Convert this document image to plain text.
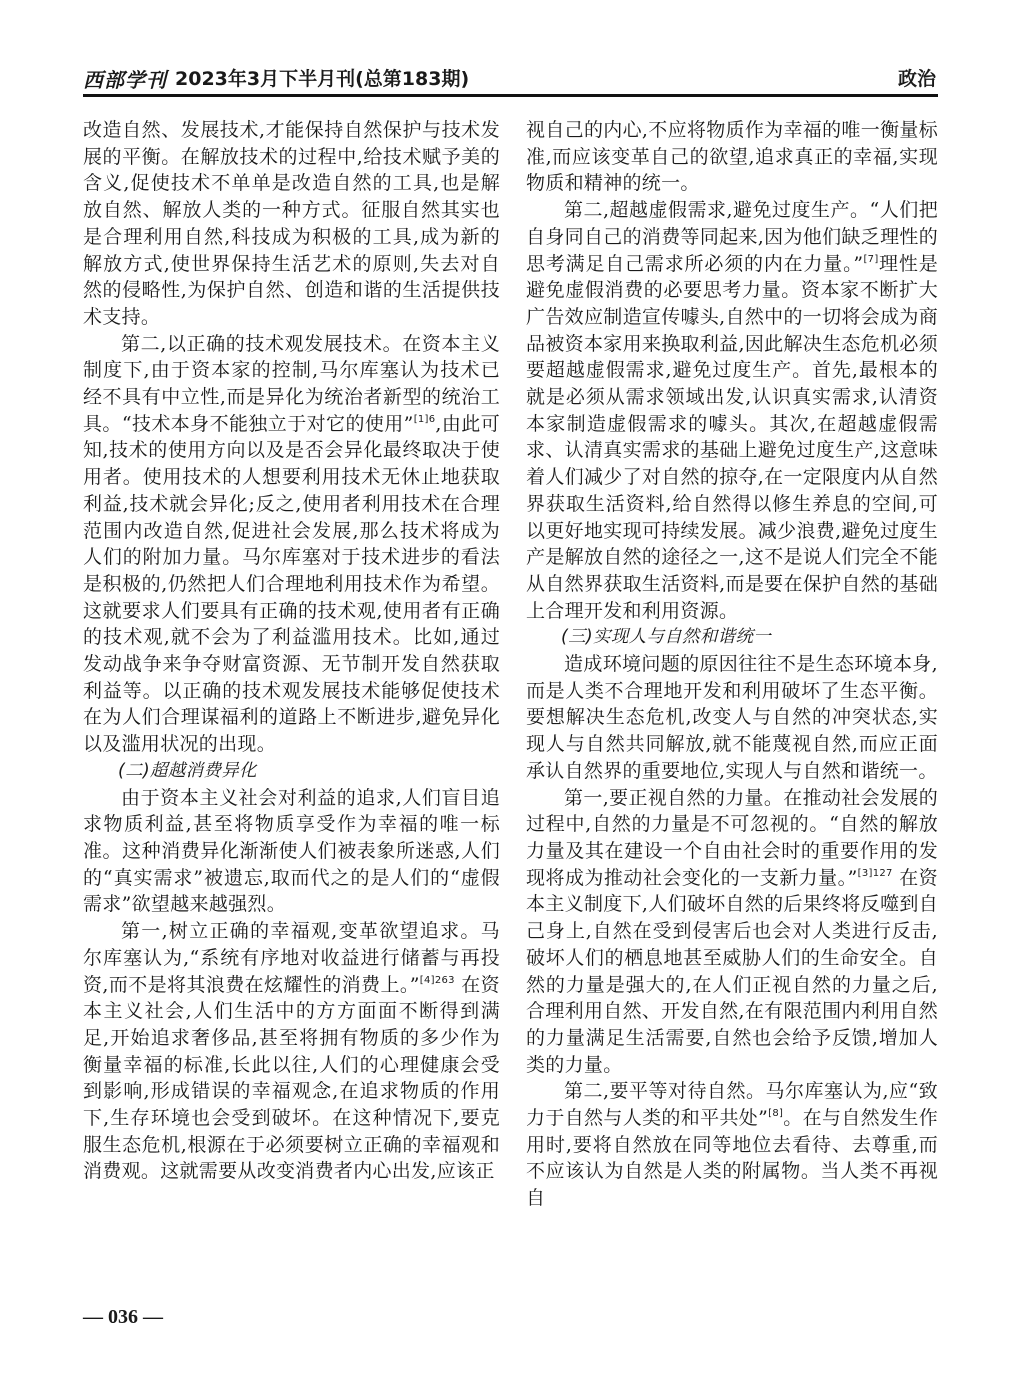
西部学刊 2023年3月下半月刊(总第183期)	政治

改造自然、发展技术,才能保持自然保护与技术发展的平衡。在解放技术的过程中,给技术赋予美的含义,促使技术不单单是改造自然的工具,也是解放自然、解放人类的一种方式。征服自然其实也是合理利用自然,科技成为积极的工具,成为新的解放方式,使世界保持生活艺术的原则,失去对自然的侵略性,为保护自然、创造和谐的生活提供技术支持。

第二,以正确的技术观发展技术。在资本主义制度下,由于资本家的控制,马尔库塞认为技术已经不具有中立性,而是异化为统治者新型的统治工具。“技术本身不能独立于对它的使用”$^{[1]6}$,由此可知,技术的使用方向以及是否会异化最终取决于使用者。使用技术的人想要利用技术无休止地获取利益,技术就会异化;反之,使用者利用技术在合理范围内改造自然,促进社会发展,那么技术将成为人们的附加力量。马尔库塞对于技术进步的看法是积极的,仍然把人们合理地利用技术作为希望。这就要求人们要具有正确的技术观,使用者有正确的技术观,就不会为了利益滥用技术。比如,通过发动战争来争夺财富资源、无节制开发自然获取利益等。以正确的技术观发展技术能够促使技术在为人们合理谋福利的道路上不断进步,避免异化以及滥用状况的出现。

(二)超越消费异化

由于资本主义社会对利益的追求,人们盲目追求物质利益,甚至将物质享受作为幸福的唯一标准。这种消费异化渐渐使人们被表象所迷惑,人们的“真实需求”被遗忘,取而代之的是人们的“虚假需求”欲望越来越强烈。

第一,树立正确的幸福观,变革欲望追求。马尔库塞认为,“系统有序地对收益进行储蓄与再投资,而不是将其浪费在炫耀性的消费上。”$^{[4]263}$ 在资本主义社会,人们生活中的方方面面不断得到满足,开始追求奢侈品,甚至将拥有物质的多少作为衡量幸福的标准,长此以往,人们的心理健康会受到影响,形成错误的幸福观念,在追求物质的作用下,生存环境也会受到破坏。在这种情况下,要克服生态危机,根源在于必须要树立正确的幸福观和消费观。这就需要从改变消费者内心出发,应该正

视自己的内心,不应将物质作为幸福的唯一衡量标准,而应该变革自己的欲望,追求真正的幸福,实现物质和精神的统一。

第二,超越虚假需求,避免过度生产。“人们把自身同自己的消费等同起来,因为他们缺乏理性的思考满足自己需求所必须的内在力量。”[7]理性是避免虚假消费的必要思考力量。资本家不断扩大广告效应制造宣传噱头,自然中的一切将会成为商品被资本家用来换取利益,因此解决生态危机必须要超越虚假需求,避免过度生产。首先,最根本的就是必须从需求领域出发,认识真实需求,认清资本家制造虚假需求的噱头。其次,在超越虚假需求、认清真实需求的基础上避免过度生产,这意味着人们减少了对自然的掠夺,在一定限度内从自然界获取生活资料,给自然得以修生养息的空间,可以更好地实现可持续发展。减少浪费,避免过度生产是解放自然的途径之一,这不是说人们完全不能从自然界获取生活资料,而是要在保护自然的基础上合理开发和利用资源。

(三)实现人与自然和谐统一

造成环境问题的原因往往不是生态环境本身,而是人类不合理地开发和利用破坏了生态平衡。要想解决生态危机,改变人与自然的冲突状态,实现人与自然共同解放,就不能蔑视自然,而应正面承认自然界的重要地位,实现人与自然和谐统一。

第一,要正视自然的力量。在推动社会发展的过程中,自然的力量是不可忽视的。“自然的解放力量及其在建设一个自由社会时的重要作用的发现将成为推动社会变化的一支新力量。”$^{[3]127}$ 在资本主义制度下,人们破坏自然的后果终将反噬到自己身上,自然在受到侵害后也会对人类进行反击,破坏人们的栖息地甚至威胁人们的生命安全。自然的力量是强大的,在人们正视自然的力量之后,合理利用自然、开发自然,在有限范围内利用自然的力量满足生活需要,自然也会给予反馈,增加人类的力量。

第二,要平等对待自然。马尔库塞认为,应“致力于自然与人类的和平共处”[8]。在与自然发生作用时,要将自然放在同等地位去看待、去尊重,而不应该认为自然是人类的附属物。当人类不再视自

— 036 —
